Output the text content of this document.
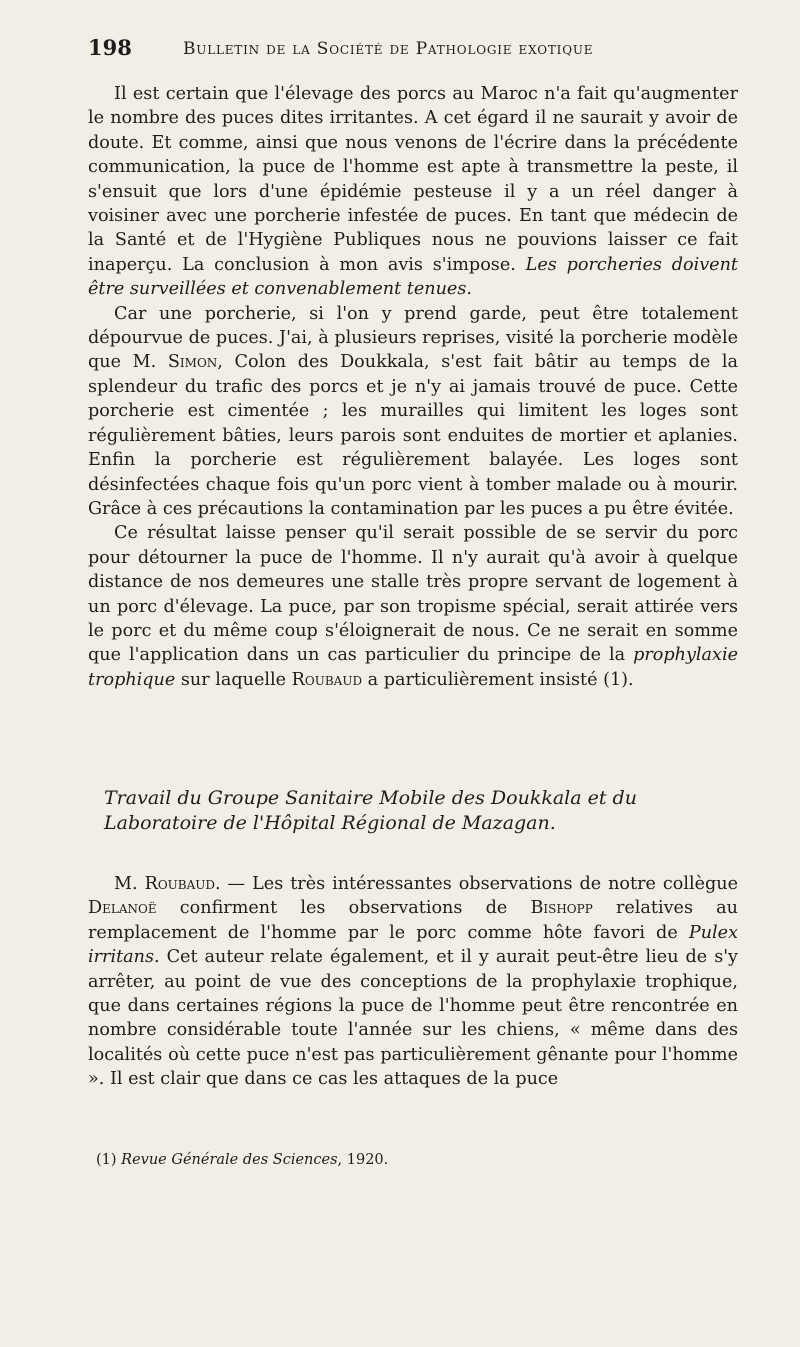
198	Bulletin de la Société de Pathologie exotique

Il est certain que l'élevage des porcs au Maroc n'a fait qu'augmenter le nombre des puces dites irritantes. A cet égard il ne saurait y avoir de doute. Et comme, ainsi que nous venons de l'écrire dans la précédente communication, la puce de l'homme est apte à transmettre la peste, il s'ensuit que lors d'une épidémie pesteuse il y a un réel danger à voisiner avec une porcherie infestée de puces. En tant que médecin de la Santé et de l'Hygiène Publiques nous ne pouvions laisser ce fait inaperçu. La conclusion à mon avis s'impose. Les porcheries doivent être surveillées et convenablement tenues.

Car une porcherie, si l'on y prend garde, peut être totalement dépourvue de puces. J'ai, à plusieurs reprises, visité la porcherie modèle que M. Simon, Colon des Doukkala, s'est fait bâtir au temps de la splendeur du trafic des porcs et je n'y ai jamais trouvé de puce. Cette porcherie est cimentée ; les murailles qui limitent les loges sont régulièrement bâties, leurs parois sont enduites de mortier et aplanies. Enfin la porcherie est régulièrement balayée. Les loges sont désinfectées chaque fois qu'un porc vient à tomber malade ou à mourir. Grâce à ces précautions la contamination par les puces a pu être évitée.

Ce résultat laisse penser qu'il serait possible de se servir du porc pour détourner la puce de l'homme. Il n'y aurait qu'à avoir à quelque distance de nos demeures une stalle très propre servant de logement à un porc d'élevage. La puce, par son tropisme spécial, serait attirée vers le porc et du même coup s'éloignerait de nous. Ce ne serait en somme que l'application dans un cas particulier du principe de la prophylaxie trophique sur laquelle Roubaud a particulièrement insisté (1).

Travail du Groupe Sanitaire Mobile des Doukkala et du Laboratoire de l'Hôpital Régional de Mazagan.

M. Roubaud. — Les très intéressantes observations de notre collègue Delanoë confirment les observations de Bishopp relatives au remplacement de l'homme par le porc comme hôte favori de Pulex irritans. Cet auteur relate également, et il y aurait peut-être lieu de s'y arrêter, au point de vue des conceptions de la prophylaxie trophique, que dans certaines régions la puce de l'homme peut être rencontrée en nombre considérable toute l'année sur les chiens, « même dans des localités où cette puce n'est pas particulièrement gênante pour l'homme ». Il est clair que dans ce cas les attaques de la puce

(1) Revue Générale des Sciences, 1920.
